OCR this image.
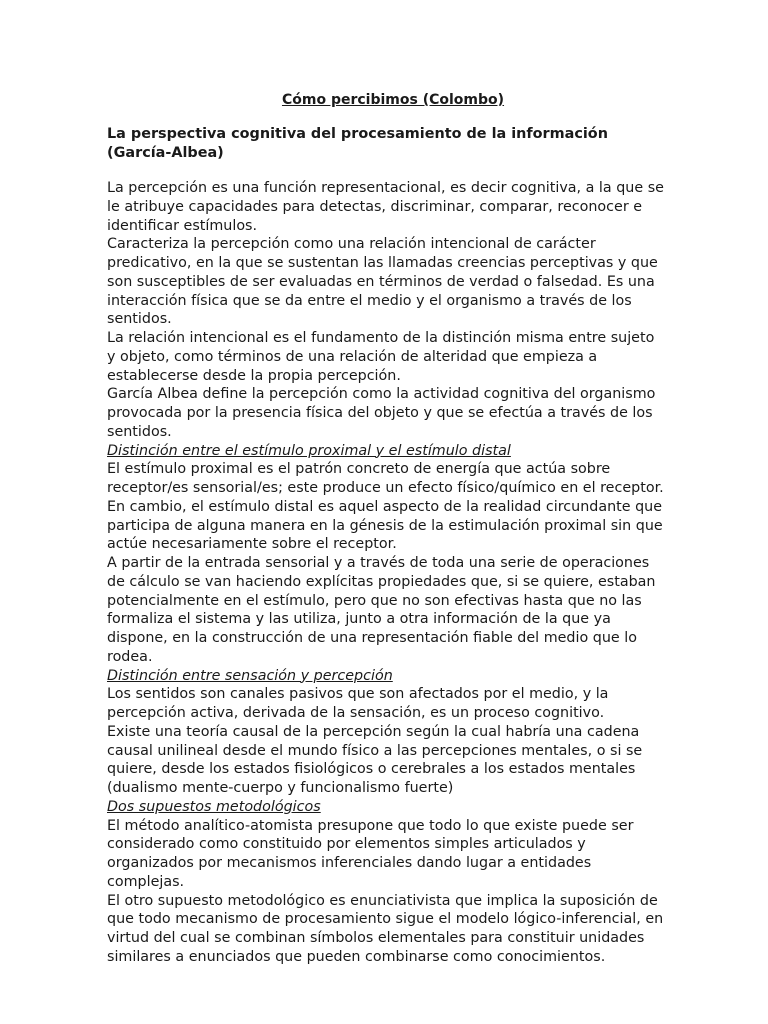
Cómo percibimos (Colombo)
La perspectiva cognitiva del procesamiento de la información (García-Albea)

La percepción es una función representacional, es decir cognitiva, a la que se le atribuye capacidades para detectas, discriminar, comparar, reconocer e identificar estímulos.

Caracteriza la percepción como una relación intencional de carácter predicativo, en la que se sustentan las llamadas creencias perceptivas y que son susceptibles de ser evaluadas en términos de verdad o falsedad. Es una interacción física que se da entre el medio y el organismo a través de los sentidos.

La relación intencional es el fundamento de la distinción misma entre sujeto y objeto, como términos de una relación de alteridad que empieza a establecerse desde la propia percepción.

García Albea define la percepción como la actividad cognitiva del organismo provocada por la presencia física del objeto y que se efectúa a través de los sentidos.

Distinción entre el estímulo proximal y el estímulo distal

El estímulo proximal es el patrón concreto de energía que actúa sobre receptor/es sensorial/es; este produce un efecto físico/químico en el receptor.

En cambio, el estímulo distal es aquel aspecto de la realidad circundante que participa de alguna manera en la génesis de la estimulación proximal sin que actúe necesariamente sobre el receptor.

A partir de la entrada sensorial y a través de toda una serie de operaciones de cálculo se van haciendo explícitas propiedades que, si se quiere, estaban potencialmente en el estímulo, pero que no son efectivas hasta que no las formaliza el sistema y las utiliza, junto a otra información de la que ya dispone, en la construcción de una representación fiable del medio que lo rodea.

Distinción entre sensación y percepción

Los sentidos son canales pasivos que son afectados por el medio, y la percepción activa, derivada de la sensación, es un proceso cognitivo.

Existe una teoría causal de la percepción según la cual habría una cadena causal unilineal desde el mundo físico a las percepciones mentales, o si se quiere, desde los estados fisiológicos o cerebrales a los estados mentales (dualismo mente-cuerpo y funcionalismo fuerte)

Dos supuestos metodológicos

El método analítico-atomista presupone que todo lo que existe puede ser considerado como constituido por elementos simples articulados y organizados por mecanismos inferenciales dando lugar a entidades complejas.

El otro supuesto metodológico es enunciativista que implica la suposición de que todo mecanismo de procesamiento sigue el modelo lógico-inferencial, en virtud del cual se combinan símbolos elementales para constituir unidades similares a enunciados que pueden combinarse como conocimientos.
